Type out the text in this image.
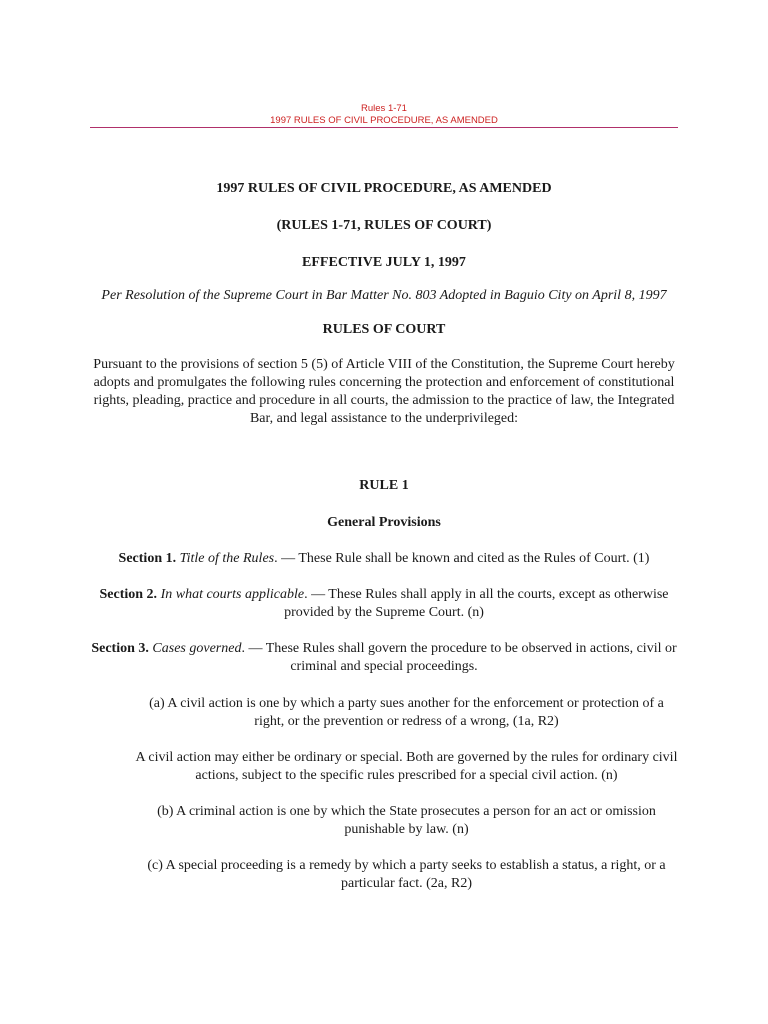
Rules 1-71
1997 RULES OF CIVIL PROCEDURE, AS AMENDED

1997 RULES OF CIVIL PROCEDURE, AS AMENDED

(RULES 1-71, RULES OF COURT)

EFFECTIVE JULY 1, 1997

Per Resolution of the Supreme Court in Bar Matter No. 803 Adopted in Baguio City on April 8, 1997

RULES OF COURT

Pursuant to the provisions of section 5 (5) of Article VIII of the Constitution, the Supreme Court hereby adopts and promulgates the following rules concerning the protection and enforcement of constitutional rights, pleading, practice and procedure in all courts, the admission to the practice of law, the Integrated Bar, and legal assistance to the underprivileged:

RULE 1

General Provisions

Section 1. Title of the Rules. — These Rule shall be known and cited as the Rules of Court. (1)

Section 2. In what courts applicable. — These Rules shall apply in all the courts, except as otherwise provided by the Supreme Court. (n)

Section 3. Cases governed. — These Rules shall govern the procedure to be observed in actions, civil or criminal and special proceedings.

(a) A civil action is one by which a party sues another for the enforcement or protection of a right, or the prevention or redress of a wrong, (1a, R2)

A civil action may either be ordinary or special. Both are governed by the rules for ordinary civil actions, subject to the specific rules prescribed for a special civil action. (n)

(b) A criminal action is one by which the State prosecutes a person for an act or omission punishable by law. (n)

(c) A special proceeding is a remedy by which a party seeks to establish a status, a right, or a particular fact. (2a, R2)
